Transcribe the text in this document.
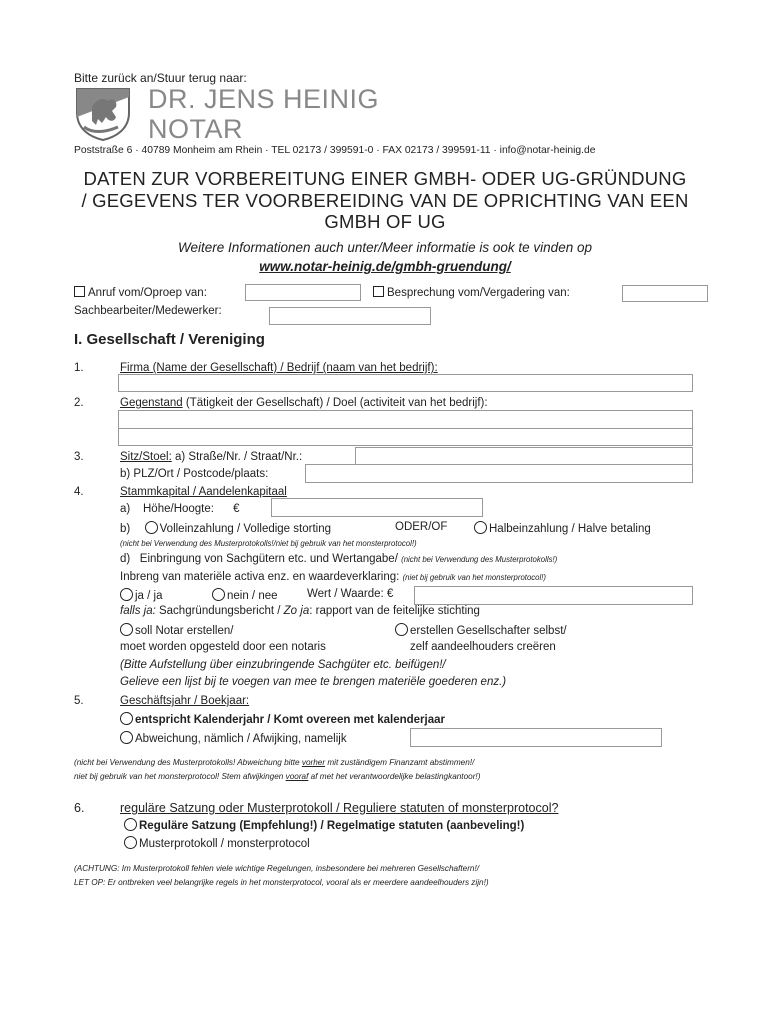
Bitte zurück an/Stuur terug naar:
DR. JENS HEINIG
NOTAR
Poststraße 6 · 40789 Monheim am Rhein · TEL 02173 / 399591-0 · FAX 02173 / 399591-11 · info@notar-heinig.de
DATEN ZUR VORBEREITUNG EINER GMBH- ODER UG-GRÜNDUNG
/ GEGEVENS TER VOORBEREIDING VAN DE OPRICHTING VAN EEN
GMBH OF UG
Weitere Informationen auch unter/Meer informatie is ook te vinden op
www.notar-heinig.de/gmbh-gruendung/
Anruf vom/Oproep van:	Besprechung vom/Vergadering van:
Sachbearbeiter/Medewerker:
I. Gesellschaft / Vereniging
1.	Firma (Name der Gesellschaft) / Bedrijf (naam van het bedrijf):
2.	Gegenstand (Tätigkeit der Gesellschaft) / Doel (activiteit van het bedrijf):
3.	Sitz/Stoel: a) Straße/Nr. / Straat/Nr.:
b) PLZ/Ort / Postcode/plaats:
4.	Stammkapital / Aandelenkapitaal
a)    Höhe/Hoogte:      €
b)	Volleinzahlung / Volledige storting	ODER/OF	Halbeinzahlung / Halve betaling
(nicht bei Verwendung des Musterprotokolls!/niet bij gebruik van het monsterprotocol!)
d)   Einbringung von Sachgütern etc. und Wertangabe/ (nicht bei Verwendung des Musterprotokolls!)
Inbreng van materiële activa enz. en waardeverklaring: (niet bij gebruik van het monsterprotocol!)
ja / ja	nein / nee	Wert / Waarde: €
falls ja: Sachgründungsbericht / Zo ja: rapport van de feitelijke stichting
soll Notar erstellen/	erstellen Gesellschafter selbst/
moet worden opgesteld door een notaris	zelf aandeelhouders creëren
(Bitte Aufstellung über einzubringende Sachgüter etc. beifügen!/
Gelieve een lijst bij te voegen van mee te brengen materiële goederen enz.)
5.	Geschäftsjahr / Boekjaar:
entspricht Kalenderjahr / Komt overeen met kalenderjaar
Abweichung, nämlich / Afwijking, namelijk
(nicht bei Verwendung des Musterprotokolls! Abweichung bitte vorher mit zuständigem Finanzamt abstimmen!/
niet bij gebruik van het monsterprotocol! Stem afwijkingen vooraf af met het verantwoordelijke belastingkantoor!)
6.	reguläre Satzung oder Musterprotokoll / Reguliere statuten of monsterprotocol?
Reguläre Satzung (Empfehlung!) / Regelmatige statuten (aanbeveling!)
Musterprotokoll / monsterprotocol
(ACHTUNG: Im Musterprotokoll fehlen viele wichtige Regelungen, insbesondere bei mehreren Gesellschaftern!/
LET OP: Er ontbreken veel belangrijke regels in het monsterprotocol, vooral als er meerdere aandeelhouders zijn!)
